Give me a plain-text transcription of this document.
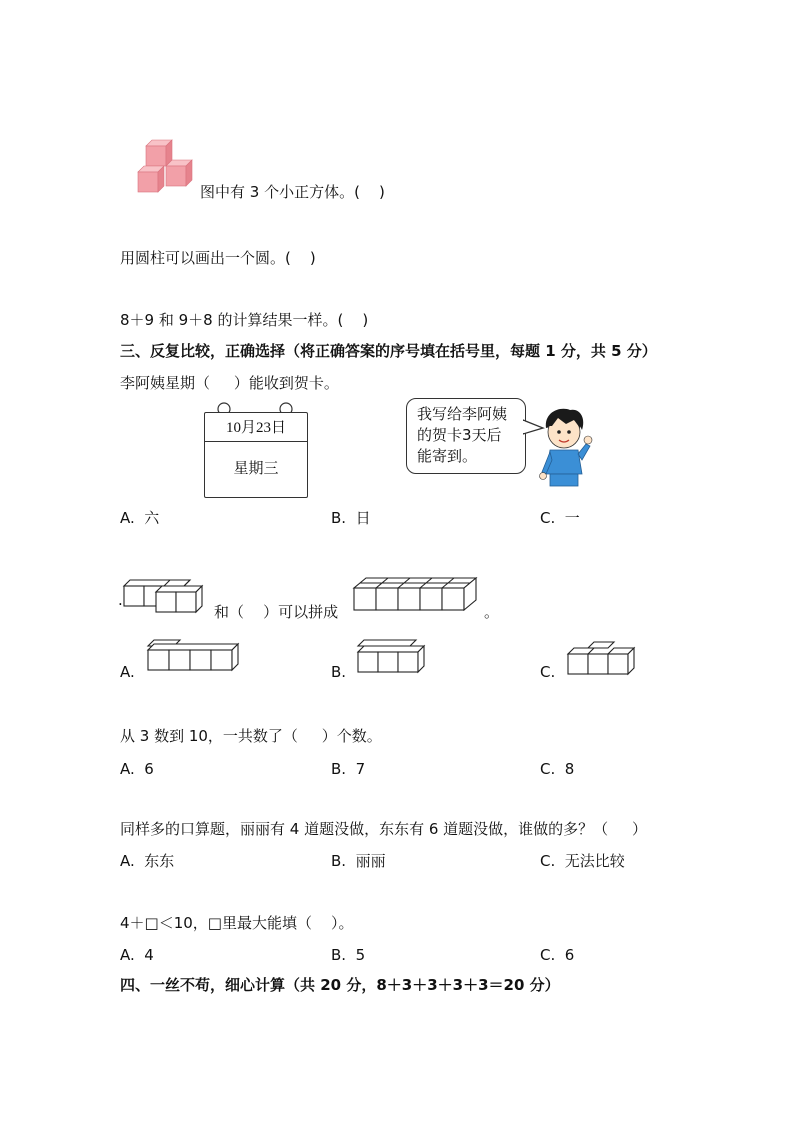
图中有 3 个小正方体。(    )
用圆柱可以画出一个圆。(    )
8＋9 和 9＋8 的计算结果一样。(    )
三、反复比较，正确选择（将正确答案的序号填在括号里，每题 1 分，共 5 分）
李阿姨星期（     ）能收到贺卡。
10月23日
星期三
我写给李阿姨
的贺卡3天后
能寄到。
A.  六	B.  日	C.  一
.
和（    ）可以拼成	。
A.	B.	C.
从 3 数到 10，一共数了（     ）个数。
A.  6	B.  7	C.  8
同样多的口算题，丽丽有 4 道题没做，东东有 6 道题没做，谁做的多？（     ）
A.  东东	B.  丽丽	C.  无法比较
4＋□＜10，□里最大能填（    ）。
A.  4	B.  5	C.  6
四、一丝不苟，细心计算（共 20 分，8＋3＋3＋3＋3＝20 分）
